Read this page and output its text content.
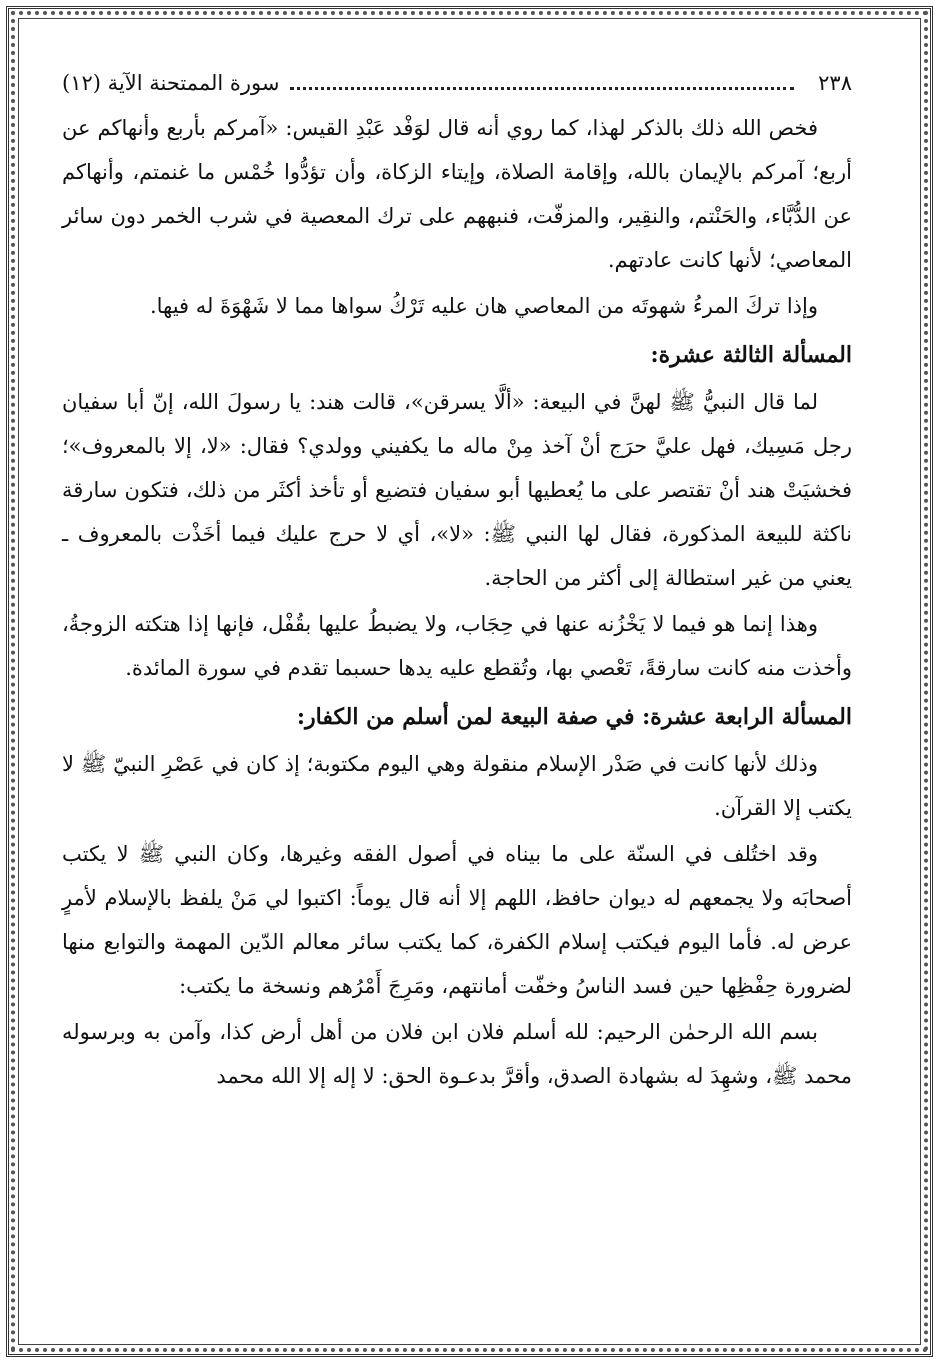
٢٣٨
سورة الممتحنة الآية (١٢)

فخص الله ذلك بالذكر لهذا، كما روي أنه قال لوَفْد عَبْدِ القيس: «آمركم بأربع وأنهاكم عن أربع؛ آمركم بالإيمان بالله، وإقامة الصلاة، وإيتاء الزكاة، وأن تؤدُّوا خُمْس ما غنمتم، وأنهاكم عن الدُّبَّاء، والحَنْتم، والنقِير، والمزفّت، فنبههم على ترك المعصية في شرب الخمر دون سائر المعاصي؛ لأنها كانت عادتهم.

وإذا تركَ المرءُ شهوتَه من المعاصي هان عليه تَرْكُ سواها مما لا شَهْوَةَ له فيها.

المسألة الثالثة عشرة:

لما قال النبيُّ ﷺ لهنَّ في البيعة: «ألَّا يسرقن»، قالت هند: يا رسولَ الله، إنّ أبا سفيان رجل مَسِيك، فهل عليَّ حرَج أنْ آخذ مِنْ ماله ما يكفيني وولدي؟ فقال: «لا، إلا بالمعروف»؛ فخشيَتْ هند أنْ تقتصر على ما يُعطيها أبو سفيان فتضيع أو تأخذ أكثَر من ذلك، فتكون سارقة ناكثة للبيعة المذكورة، فقال لها النبي ﷺ: «لا»، أي لا حرج عليك فيما أخَذْت بالمعروف ـ يعني من غير استطالة إلى أكثر من الحاجة.

وهذا إنما هو فيما لا يَخْزُنه عنها في حِجَاب، ولا يضبطُ عليها بقُفْل، فإنها إذا هتكته الزوجةُ، وأخذت منه كانت سارقةً، تَعْصي بها، وتُقطع عليه يدها حسبما تقدم في سورة المائدة.

المسألة الرابعة عشرة: في صفة البيعة لمن أسلم من الكفار:

وذلك لأنها كانت في صَدْر الإسلام منقولة وهي اليوم مكتوبة؛ إذ كان في عَصْرِ النبيّ ﷺ لا يكتب إلا القرآن.

وقد اختُلف في السنّة على ما بيناه في أصول الفقه وغيرها، وكان النبي ﷺ لا يكتب أصحابَه ولا يجمعهم له ديوان حافظ، اللهم إلا أنه قال يوماً: اكتبوا لي مَنْ يلفظ بالإسلام لأمرٍ عرض له. فأما اليوم فيكتب إسلام الكفرة، كما يكتب سائر معالم الدّين المهمة والتوابع منها لضرورة حِفْظِها حين فسد الناسُ وخفّت أمانتهم، ومَرِجَ أَمْرُهم ونسخة ما يكتب:

بسم الله الرحمٰن الرحيم: لله أسلم فلان ابن فلان من أهل أرض كذا، وآمن به وبرسوله محمد ﷺ، وشهِدَ له بشهادة الصدق، وأقرَّ بدعـوة الحق: لا إله إلا الله محمد
